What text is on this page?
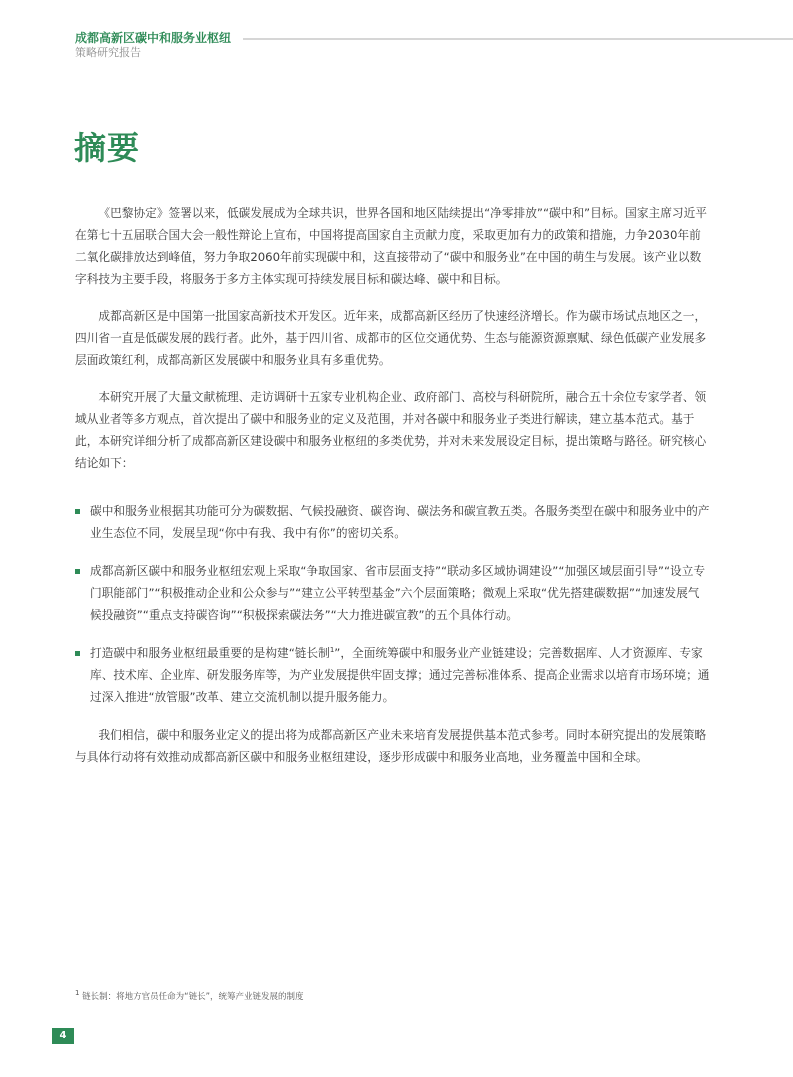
成都高新区碳中和服务业枢纽
策略研究报告
摘要

《巴黎协定》签署以来，低碳发展成为全球共识，世界各国和地区陆续提出“净零排放”“碳中和”目标。国家主席习近平在第七十五届联合国大会一般性辩论上宣布，中国将提高国家自主贡献力度，采取更加有力的政策和措施，力争2030年前二氧化碳排放达到峰值，努力争取2060年前实现碳中和，这直接带动了“碳中和服务业”在中国的萌生与发展。该产业以数字科技为主要手段，将服务于多方主体实现可持续发展目标和碳达峰、碳中和目标。

成都高新区是中国第一批国家高新技术开发区。近年来，成都高新区经历了快速经济增长。作为碳市场试点地区之一，四川省一直是低碳发展的践行者。此外，基于四川省、成都市的区位交通优势、生态与能源资源禀赋、绿色低碳产业发展多层面政策红利，成都高新区发展碳中和服务业具有多重优势。

本研究开展了大量文献梳理、走访调研十五家专业机构企业、政府部门、高校与科研院所，融合五十余位专家学者、领域从业者等多方观点，首次提出了碳中和服务业的定义及范围，并对各碳中和服务业子类进行解读，建立基本范式。基于此，本研究详细分析了成都高新区建设碳中和服务业枢纽的多类优势，并对未来发展设定目标，提出策略与路径。研究核心结论如下：

碳中和服务业根据其功能可分为碳数据、气候投融资、碳咨询、碳法务和碳宣教五类。各服务类型在碳中和服务业中的产业生态位不同，发展呈现“你中有我、我中有你”的密切关系。
成都高新区碳中和服务业枢纽宏观上采取“争取国家、省市层面支持”“联动多区域协调建设”“加强区域层面引导”“设立专门职能部门”“积极推动企业和公众参与”“建立公平转型基金”六个层面策略；微观上采取“优先搭建碳数据”“加速发展气候投融资”“重点支持碳咨询”“积极探索碳法务”“大力推进碳宣教”的五个具体行动。
打造碳中和服务业枢纽最重要的是构建“链长制$^1$”，全面统筹碳中和服务业产业链建设；完善数据库、人才资源库、专家库、技术库、企业库、研发服务库等，为产业发展提供牢固支撑；通过完善标准体系、提高企业需求以培育市场环境；通过深入推进“放管服”改革、建立交流机制以提升服务能力。

我们相信，碳中和服务业定义的提出将为成都高新区产业未来培育发展提供基本范式参考。同时本研究提出的发展策略与具体行动将有效推动成都高新区碳中和服务业枢纽建设，逐步形成碳中和服务业高地，业务覆盖中国和全球。

$^1$ 链长制：将地方官员任命为“链长”，统筹产业链发展的制度
4
